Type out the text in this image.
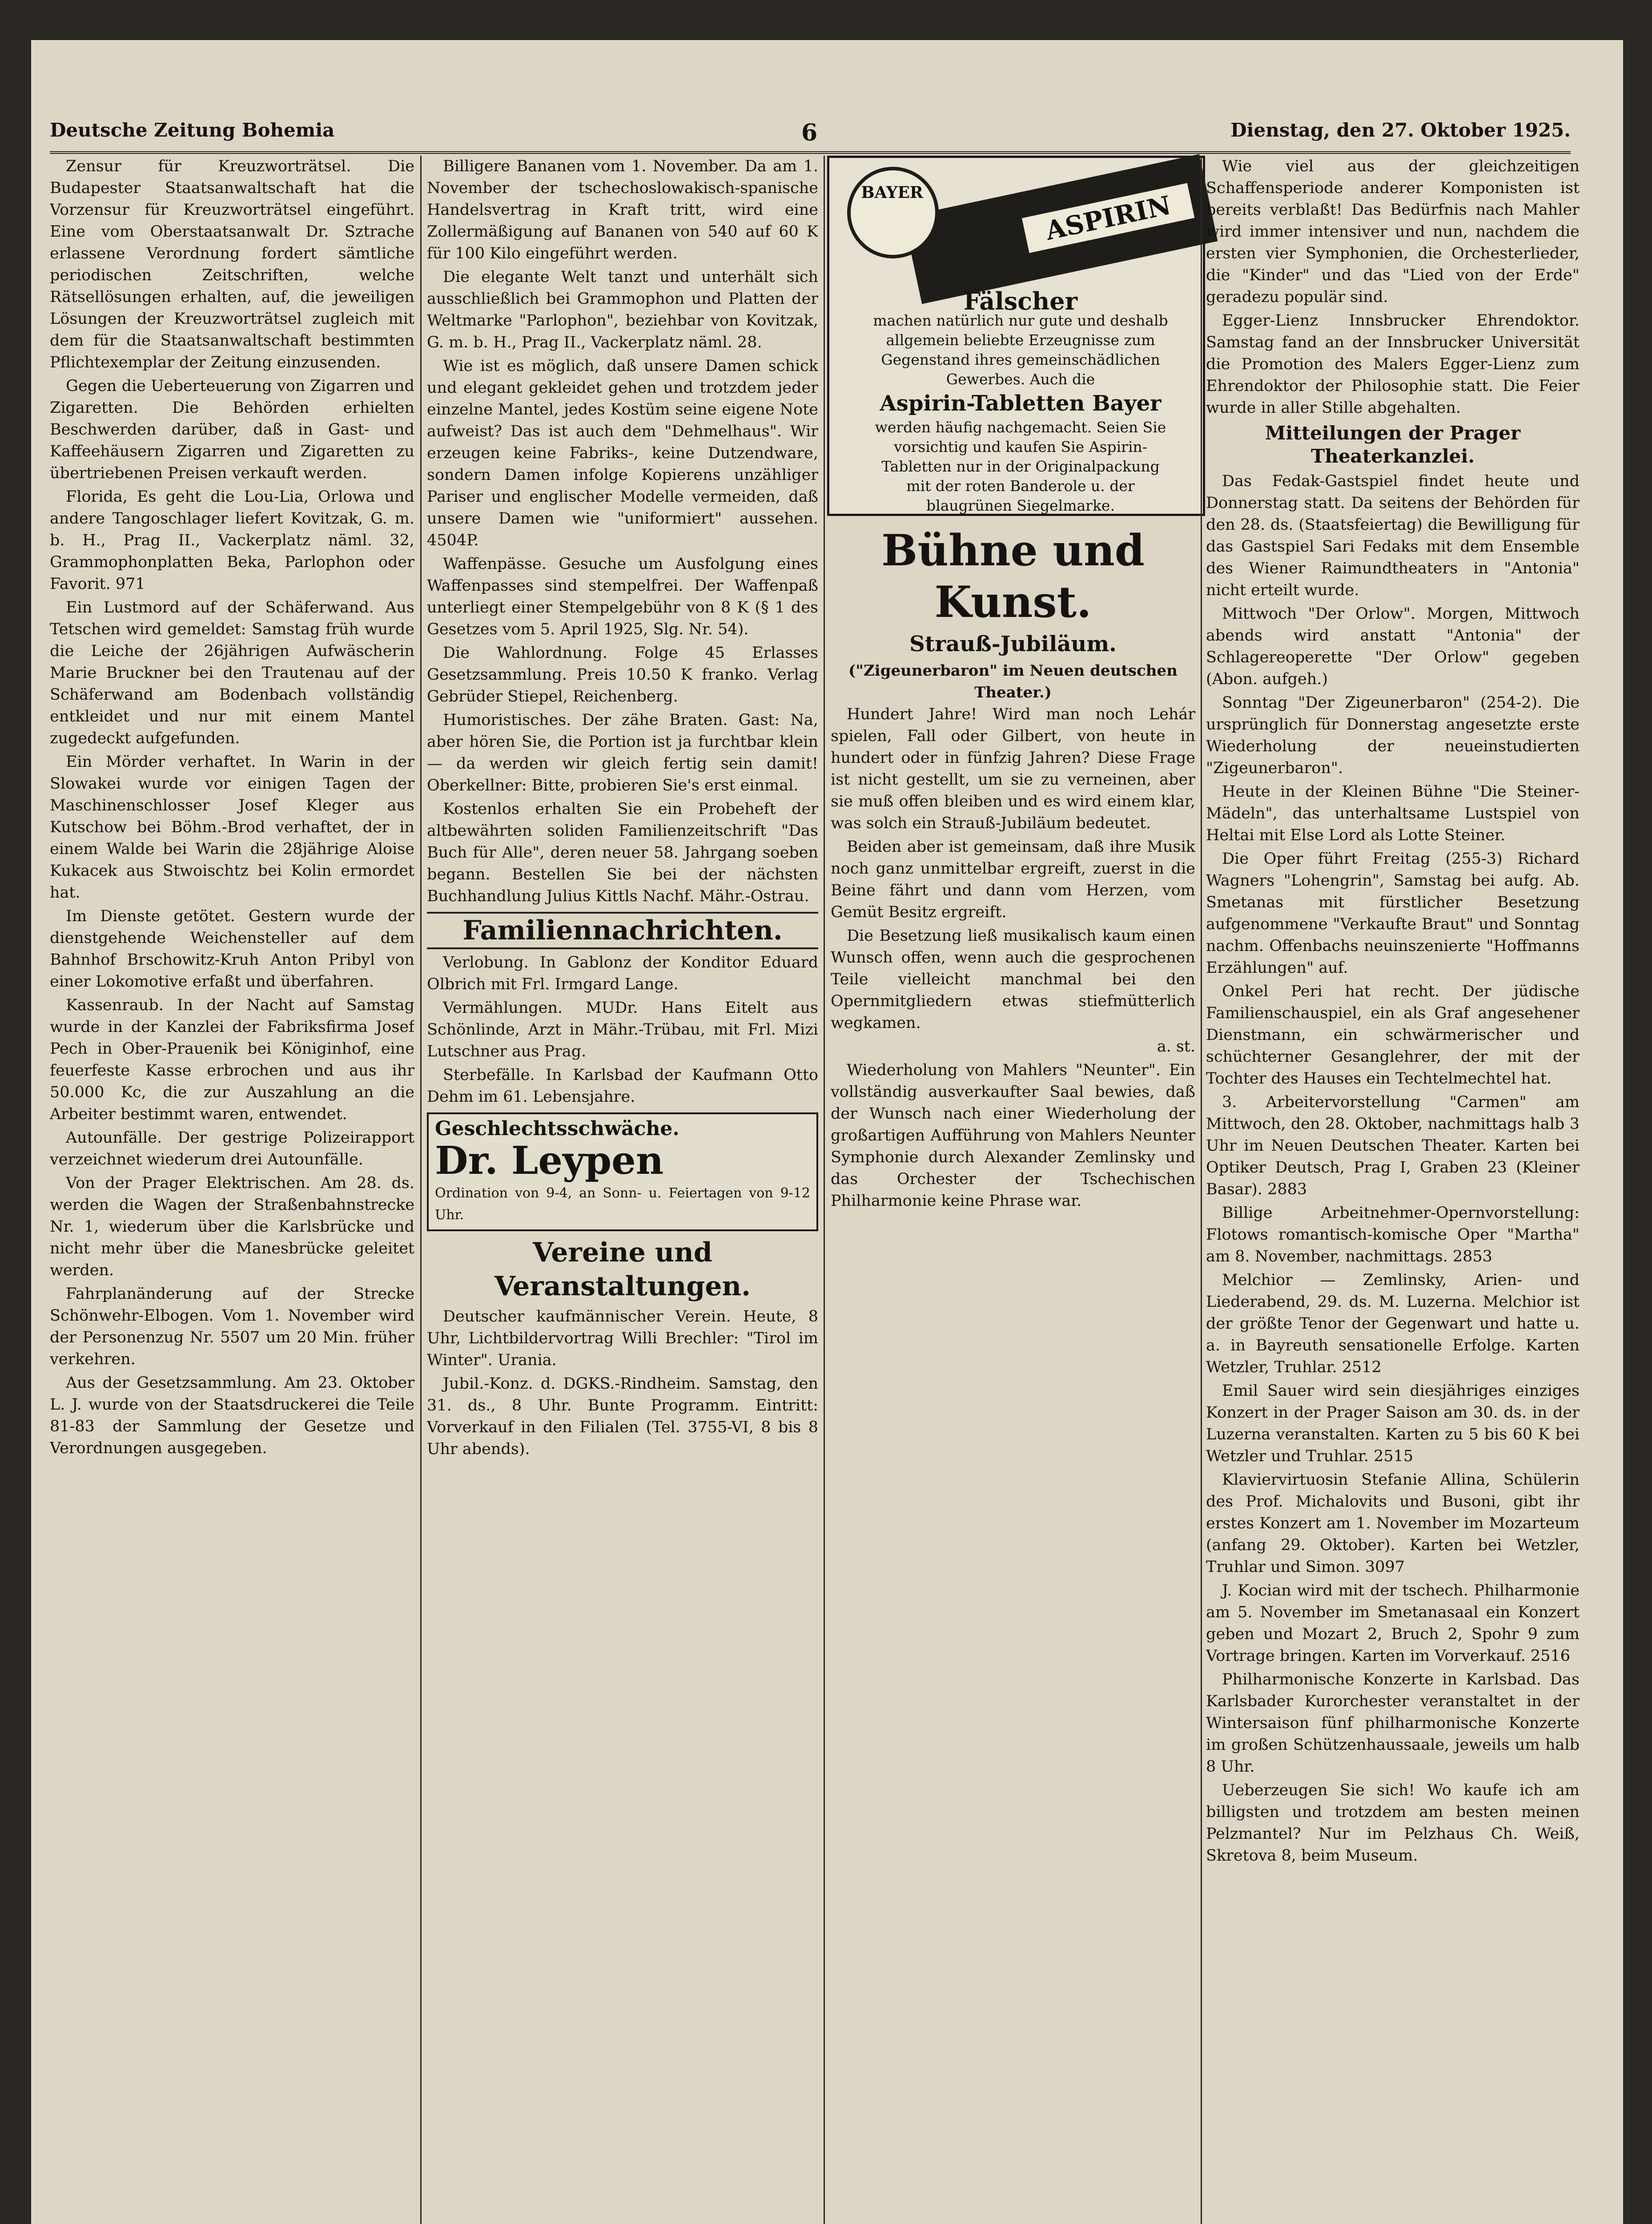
Deutsche Zeitung Bohemia	6	Dienstag, den 27. Oktober 1925.

Zensur für Kreuzworträtsel. Die Budapester Staatsanwaltschaft hat die Vorzensur für Kreuzworträtsel eingeführt. Eine vom Oberstaatsanwalt Dr. Sztrache erlassene Verordnung fordert sämtliche periodischen Zeitschriften, welche Rätsellösungen erhalten, auf, die jeweiligen Lösungen der Kreuzworträtsel zugleich mit dem für die Staatsanwaltschaft bestimmten Pflichtexemplar der Zeitung einzusenden.

Gegen die Ueberteuerung von Zigarren und Zigaretten. Die Behörden erhielten Beschwerden darüber, daß in Gast- und Kaffeehäusern Zigarren und Zigaretten zu übertriebenen Preisen verkauft werden.

Florida, Es geht die Lou-Lia, Orlowa und andere Tangoschlager liefert Kovitzak, G. m. b. H., Prag II., Vackerplatz näml. 32, Grammophonplatten Beka, Parlophon oder Favorit. 971

Ein Lustmord auf der Schäferwand. Aus Tetschen wird gemeldet: Samstag früh wurde die Leiche der 26jährigen Aufwäscherin Marie Bruckner bei den Trautenau auf der Schäferwand am Bodenbach vollständig entkleidet und nur mit einem Mantel zugedeckt aufgefunden.

Ein Mörder verhaftet. In Warin in der Slowakei wurde vor einigen Tagen der Maschinenschlosser Josef Kleger aus Kutschow bei Böhm.-Brod verhaftet, der in einem Walde bei Warin die 28jährige Aloise Kukacek aus Stwoischtz bei Kolin ermordet hat.

Im Dienste getötet. Gestern wurde der dienstgehende Weichensteller auf dem Bahnhof Brschowitz-Kruh Anton Pribyl von einer Lokomotive erfaßt und überfahren.

Kassenraub. In der Nacht auf Samstag wurde in der Kanzlei der Fabriksfirma Josef Pech in Ober-Prauenik bei Königinhof, eine feuerfeste Kasse erbrochen und aus ihr 50.000 Kc, die zur Auszahlung an die Arbeiter bestimmt waren, entwendet.

Autounfälle. Der gestrige Polizeirapport verzeichnet wiederum drei Autounfälle.

Von der Prager Elektrischen. Am 28. ds. werden die Wagen der Straßenbahnstrecke Nr. 1, wiederum über die Karlsbrücke und nicht mehr über die Manesbrücke geleitet werden.

Fahrplanänderung auf der Strecke Schönwehr-Elbogen. Vom 1. November wird der Personenzug Nr. 5507 um 20 Min. früher verkehren.

Aus der Gesetzsammlung. Am 23. Oktober L. J. wurde von der Staatsdruckerei die Teile 81-83 der Sammlung der Gesetze und Verordnungen ausgegeben.

Billigere Bananen vom 1. November. Da am 1. November der tschechoslowakisch-spanische Handelsvertrag in Kraft tritt, wird eine Zollermäßigung auf Bananen von 540 auf 60 K für 100 Kilo eingeführt werden.

Die elegante Welt tanzt und unterhält sich ausschließlich bei Grammophon und Platten der Weltmarke "Parlophon", beziehbar von Kovitzak, G. m. b. H., Prag II., Vackerplatz näml. 28.

Wie ist es möglich, daß unsere Damen schick und elegant gekleidet gehen und trotzdem jeder einzelne Mantel, jedes Kostüm seine eigene Note aufweist? Das ist auch dem "Dehmelhaus". Wir erzeugen keine Fabriks-, keine Dutzendware, sondern Damen infolge Kopierens unzähliger Pariser und englischer Modelle vermeiden, daß unsere Damen wie "uniformiert" aussehen. 4504P.

Waffenpässe. Gesuche um Ausfolgung eines Waffenpasses sind stempelfrei. Der Waffenpaß unterliegt einer Stempelgebühr von 8 K (§ 1 des Gesetzes vom 5. April 1925, Slg. Nr. 54).

Die Wahlordnung. Folge 45 Erlasses Gesetzsammlung. Preis 10.50 K franko. Verlag Gebrüder Stiepel, Reichenberg.

Humoristisches. Der zähe Braten. Gast: Na, aber hören Sie, die Portion ist ja furchtbar klein — da werden wir gleich fertig sein damit! Oberkellner: Bitte, probieren Sie's erst einmal.

Kostenlos erhalten Sie ein Probeheft der altbewährten soliden Familienzeitschrift "Das Buch für Alle", deren neuer 58. Jahrgang soeben begann. Bestellen Sie bei der nächsten Buchhandlung Julius Kittls Nachf. Mähr.-Ostrau.

Familiennachrichten.

Verlobung. In Gablonz der Konditor Eduard Olbrich mit Frl. Irmgard Lange.

Vermählungen. MUDr. Hans Eitelt aus Schönlinde, Arzt in Mähr.-Trübau, mit Frl. Mizi Lutschner aus Prag.

Sterbefälle. In Karlsbad der Kaufmann Otto Dehm im 61. Lebensjahre.

Geschlechtsschwäche.
Dr. Leypen
Ordination von 9-4, an Sonn- u. Feiertagen von 9-12 Uhr.
Vereine und Veranstaltungen.

Deutscher kaufmännischer Verein. Heute, 8 Uhr, Lichtbildervortrag Willi Brechler: "Tirol im Winter". Urania.

Jubil.-Konz. d. DGKS.-Rindheim. Samstag, den 31. ds., 8 Uhr. Bunte Programm. Eintritt: Vorverkauf in den Filialen (Tel. 3755-VI, 8 bis 8 Uhr abends).

ASPIRIN
BAYER
Fälscher
machen natürlich nur gute und deshalb allgemein beliebte Erzeugnisse zum Gegenstand ihres gemeinschädlichen Gewerbes. Auch die
Aspirin-Tabletten Bayer
werden häufig nachgemacht. Seien Sie vorsichtig und kaufen Sie Aspirin-Tabletten nur in der Originalpackung mit der roten Banderole u. der blaugrünen Siegelmarke.
Bühne und Kunst.
Strauß-Jubiläum.
("Zigeunerbaron" im Neuen deutschen Theater.)

Hundert Jahre! Wird man noch Lehár spielen, Fall oder Gilbert, von heute in hundert oder in fünfzig Jahren? Diese Frage ist nicht gestellt, um sie zu verneinen, aber sie muß offen bleiben und es wird einem klar, was solch ein Strauß-Jubiläum bedeutet.

Beiden aber ist gemeinsam, daß ihre Musik noch ganz unmittelbar ergreift, zuerst in die Beine fährt und dann vom Herzen, vom Gemüt Besitz ergreift.

Die Besetzung ließ musikalisch kaum einen Wunsch offen, wenn auch die gesprochenen Teile vielleicht manchmal bei den Opernmitgliedern etwas stiefmütterlich wegkamen.

a. st.

Wiederholung von Mahlers "Neunter". Ein vollständig ausverkaufter Saal bewies, daß der Wunsch nach einer Wiederholung der großartigen Aufführung von Mahlers Neunter Symphonie durch Alexander Zemlinsky und das Orchester der Tschechischen Philharmonie keine Phrase war.

Wie viel aus der gleichzeitigen Schaffensperiode anderer Komponisten ist bereits verblaßt! Das Bedürfnis nach Mahler wird immer intensiver und nun, nachdem die ersten vier Symphonien, die Orchesterlieder, die "Kinder" und das "Lied von der Erde" geradezu populär sind.

Egger-Lienz Innsbrucker Ehrendoktor. Samstag fand an der Innsbrucker Universität die Promotion des Malers Egger-Lienz zum Ehrendoktor der Philosophie statt. Die Feier wurde in aller Stille abgehalten.

Mitteilungen der Prager Theaterkanzlei.

Das Fedak-Gastspiel findet heute und Donnerstag statt. Da seitens der Behörden für den 28. ds. (Staatsfeiertag) die Bewilligung für das Gastspiel Sari Fedaks mit dem Ensemble des Wiener Raimundtheaters in "Antonia" nicht erteilt wurde.

Mittwoch "Der Orlow". Morgen, Mittwoch abends wird anstatt "Antonia" der Schlagereoperette "Der Orlow" gegeben (Abon. aufgeh.)

Sonntag "Der Zigeunerbaron" (254-2). Die ursprünglich für Donnerstag angesetzte erste Wiederholung der neueinstudierten "Zigeunerbaron".

Heute in der Kleinen Bühne "Die Steiner-Mädeln", das unterhaltsame Lustspiel von Heltai mit Else Lord als Lotte Steiner.

Die Oper führt Freitag (255-3) Richard Wagners "Lohengrin", Samstag bei aufg. Ab. Smetanas mit fürstlicher Besetzung aufgenommene "Verkaufte Braut" und Sonntag nachm. Offenbachs neuinszenierte "Hoffmanns Erzählungen" auf.

Onkel Peri hat recht. Der jüdische Familienschauspiel, ein als Graf angesehener Dienstmann, ein schwärmerischer und schüchterner Gesanglehrer, der mit der Tochter des Hauses ein Techtelmechtel hat.

3. Arbeitervorstellung "Carmen" am Mittwoch, den 28. Oktober, nachmittags halb 3 Uhr im Neuen Deutschen Theater. Karten bei Optiker Deutsch, Prag I, Graben 23 (Kleiner Basar). 2883

Billige Arbeitnehmer-Opernvorstellung: Flotows romantisch-komische Oper "Martha" am 8. November, nachmittags. 2853

Melchior — Zemlinsky, Arien- und Liederabend, 29. ds. M. Luzerna. Melchior ist der größte Tenor der Gegenwart und hatte u. a. in Bayreuth sensationelle Erfolge. Karten Wetzler, Truhlar. 2512

Emil Sauer wird sein diesjähriges einziges Konzert in der Prager Saison am 30. ds. in der Luzerna veranstalten. Karten zu 5 bis 60 K bei Wetzler und Truhlar. 2515

Klaviervirtuosin Stefanie Allina, Schülerin des Prof. Michalovits und Busoni, gibt ihr erstes Konzert am 1. November im Mozarteum (anfang 29. Oktober). Karten bei Wetzler, Truhlar und Simon. 3097

J. Kocian wird mit der tschech. Philharmonie am 5. November im Smetanasaal ein Konzert geben und Mozart 2, Bruch 2, Spohr 9 zum Vortrage bringen. Karten im Vorverkauf. 2516

Philharmonische Konzerte in Karlsbad. Das Karlsbader Kurorchester veranstaltet in der Wintersaison fünf philharmonische Konzerte im großen Schützenhaussaale, jeweils um halb 8 Uhr.

Ueberzeugen Sie sich! Wo kaufe ich am billigsten und trotzdem am besten meinen Pelzmantel? Nur im Pelzhaus Ch. Weiß, Skretova 8, beim Museum.
